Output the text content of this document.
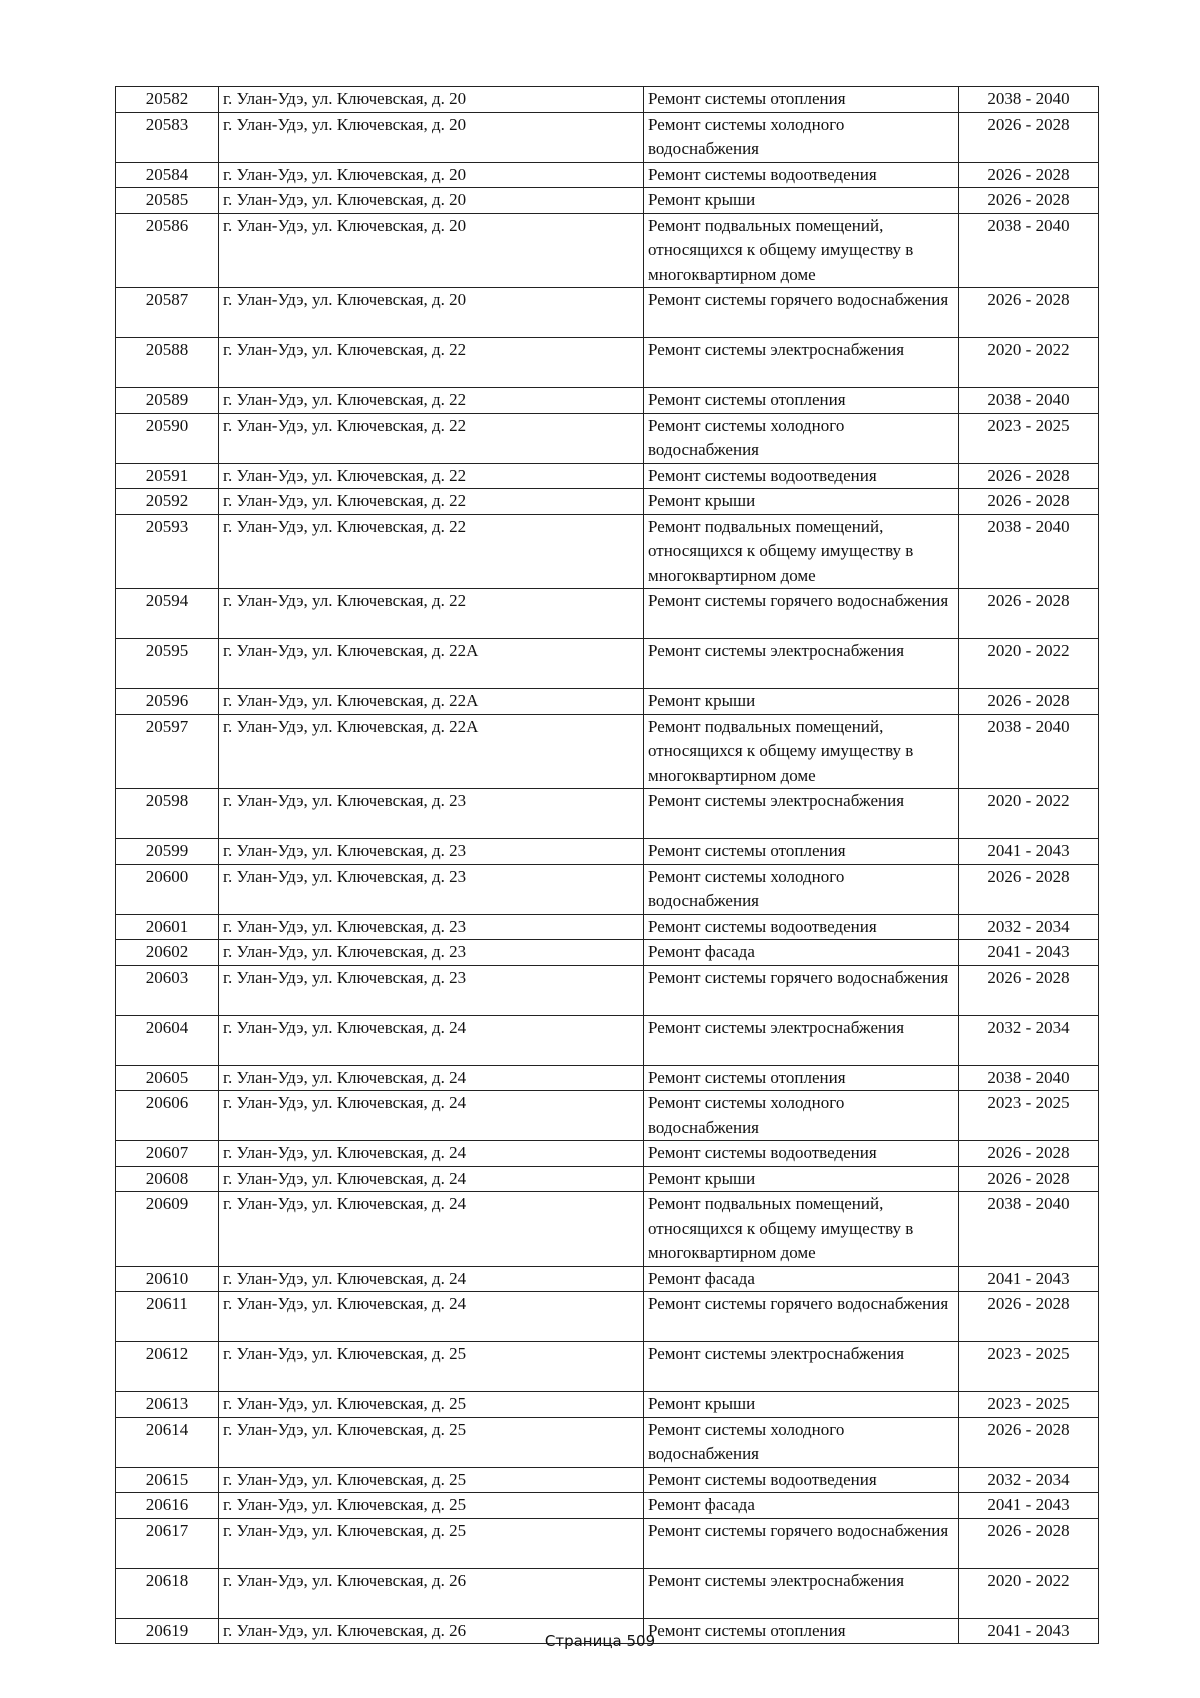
20582	г. Улан-Удэ, ул. Ключевская, д. 20	Ремонт системы отопления	2038 - 2040
20583	г. Улан-Удэ, ул. Ключевская, д. 20	Ремонт системы холодного водоснабжения	2026 - 2028
20584	г. Улан-Удэ, ул. Ключевская, д. 20	Ремонт системы водоотведения	2026 - 2028
20585	г. Улан-Удэ, ул. Ключевская, д. 20	Ремонт крыши	2026 - 2028
20586	г. Улан-Удэ, ул. Ключевская, д. 20	Ремонт подвальных помещений, относящихся к общему имуществу в многоквартирном доме	2038 - 2040
20587	г. Улан-Удэ, ул. Ключевская, д. 20	Ремонт системы горячего водоснабжения	2026 - 2028
20588	г. Улан-Удэ, ул. Ключевская, д. 22	Ремонт системы электроснабжения	2020 - 2022
20589	г. Улан-Удэ, ул. Ключевская, д. 22	Ремонт системы отопления	2038 - 2040
20590	г. Улан-Удэ, ул. Ключевская, д. 22	Ремонт системы холодного водоснабжения	2023 - 2025
20591	г. Улан-Удэ, ул. Ключевская, д. 22	Ремонт системы водоотведения	2026 - 2028
20592	г. Улан-Удэ, ул. Ключевская, д. 22	Ремонт крыши	2026 - 2028
20593	г. Улан-Удэ, ул. Ключевская, д. 22	Ремонт подвальных помещений, относящихся к общему имуществу в многоквартирном доме	2038 - 2040
20594	г. Улан-Удэ, ул. Ключевская, д. 22	Ремонт системы горячего водоснабжения	2026 - 2028
20595	г. Улан-Удэ, ул. Ключевская, д. 22А	Ремонт системы электроснабжения	2020 - 2022
20596	г. Улан-Удэ, ул. Ключевская, д. 22А	Ремонт крыши	2026 - 2028
20597	г. Улан-Удэ, ул. Ключевская, д. 22А	Ремонт подвальных помещений, относящихся к общему имуществу в многоквартирном доме	2038 - 2040
20598	г. Улан-Удэ, ул. Ключевская, д. 23	Ремонт системы электроснабжения	2020 - 2022
20599	г. Улан-Удэ, ул. Ключевская, д. 23	Ремонт системы отопления	2041 - 2043
20600	г. Улан-Удэ, ул. Ключевская, д. 23	Ремонт системы холодного водоснабжения	2026 - 2028
20601	г. Улан-Удэ, ул. Ключевская, д. 23	Ремонт системы водоотведения	2032 - 2034
20602	г. Улан-Удэ, ул. Ключевская, д. 23	Ремонт фасада	2041 - 2043
20603	г. Улан-Удэ, ул. Ключевская, д. 23	Ремонт системы горячего водоснабжения	2026 - 2028
20604	г. Улан-Удэ, ул. Ключевская, д. 24	Ремонт системы электроснабжения	2032 - 2034
20605	г. Улан-Удэ, ул. Ключевская, д. 24	Ремонт системы отопления	2038 - 2040
20606	г. Улан-Удэ, ул. Ключевская, д. 24	Ремонт системы холодного водоснабжения	2023 - 2025
20607	г. Улан-Удэ, ул. Ключевская, д. 24	Ремонт системы водоотведения	2026 - 2028
20608	г. Улан-Удэ, ул. Ключевская, д. 24	Ремонт крыши	2026 - 2028
20609	г. Улан-Удэ, ул. Ключевская, д. 24	Ремонт подвальных помещений, относящихся к общему имуществу в многоквартирном доме	2038 - 2040
20610	г. Улан-Удэ, ул. Ключевская, д. 24	Ремонт фасада	2041 - 2043
20611	г. Улан-Удэ, ул. Ключевская, д. 24	Ремонт системы горячего водоснабжения	2026 - 2028
20612	г. Улан-Удэ, ул. Ключевская, д. 25	Ремонт системы электроснабжения	2023 - 2025
20613	г. Улан-Удэ, ул. Ключевская, д. 25	Ремонт крыши	2023 - 2025
20614	г. Улан-Удэ, ул. Ключевская, д. 25	Ремонт системы холодного водоснабжения	2026 - 2028
20615	г. Улан-Удэ, ул. Ключевская, д. 25	Ремонт системы водоотведения	2032 - 2034
20616	г. Улан-Удэ, ул. Ключевская, д. 25	Ремонт фасада	2041 - 2043
20617	г. Улан-Удэ, ул. Ключевская, д. 25	Ремонт системы горячего водоснабжения	2026 - 2028
20618	г. Улан-Удэ, ул. Ключевская, д. 26	Ремонт системы электроснабжения	2020 - 2022
20619	г. Улан-Удэ, ул. Ключевская, д. 26	Ремонт системы отопления	2041 - 2043
Страница 509
